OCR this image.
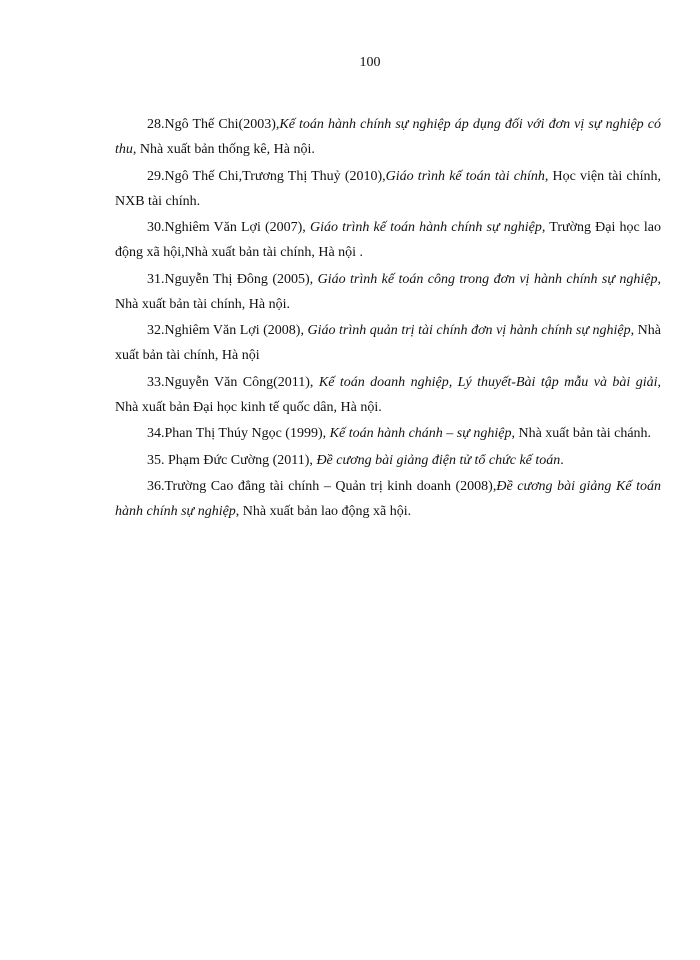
100

28.Ngô Thế Chi(2003),Kế toán hành chính sự nghiệp áp dụng đối với đơn vị sự nghiệp có thu, Nhà xuất bản thống kê, Hà nội.

29.Ngô Thế Chi,Trương Thị Thuỷ (2010),Giáo trình kế toán tài chính, Học viện tài chính, NXB tài chính.

30.Nghiêm Văn Lợi (2007), Giáo trình kế toán hành chính sự nghiệp, Trường Đại học lao động xã hội,Nhà xuất bản tài chính, Hà nội .

31.Nguyễn Thị Đông (2005), Giáo trình kế toán công trong đơn vị hành chính sự nghiệp, Nhà xuất bản tài chính, Hà nội.

32.Nghiêm Văn Lợi (2008), Giáo trình quản trị tài chính đơn vị hành chính sự nghiệp, Nhà xuất bản tài chính, Hà nội

33.Nguyễn Văn Công(2011), Kế toán doanh nghiệp, Lý thuyết-Bài tập mẫu và bài giải, Nhà xuất bản Đại học kinh tế quốc dân, Hà nội.

34.Phan Thị Thúy Ngọc (1999), Kế toán hành chánh – sự nghiệp, Nhà xuất bản tài chánh.

35. Phạm Đức Cường (2011), Đề cương bài giảng điện tử tổ chức kế toán.

36.Trường Cao đẳng tài chính – Quản trị kinh doanh (2008),Đề cương bài giảng Kế toán hành chính sự nghiệp, Nhà xuất bản lao động xã hội.
